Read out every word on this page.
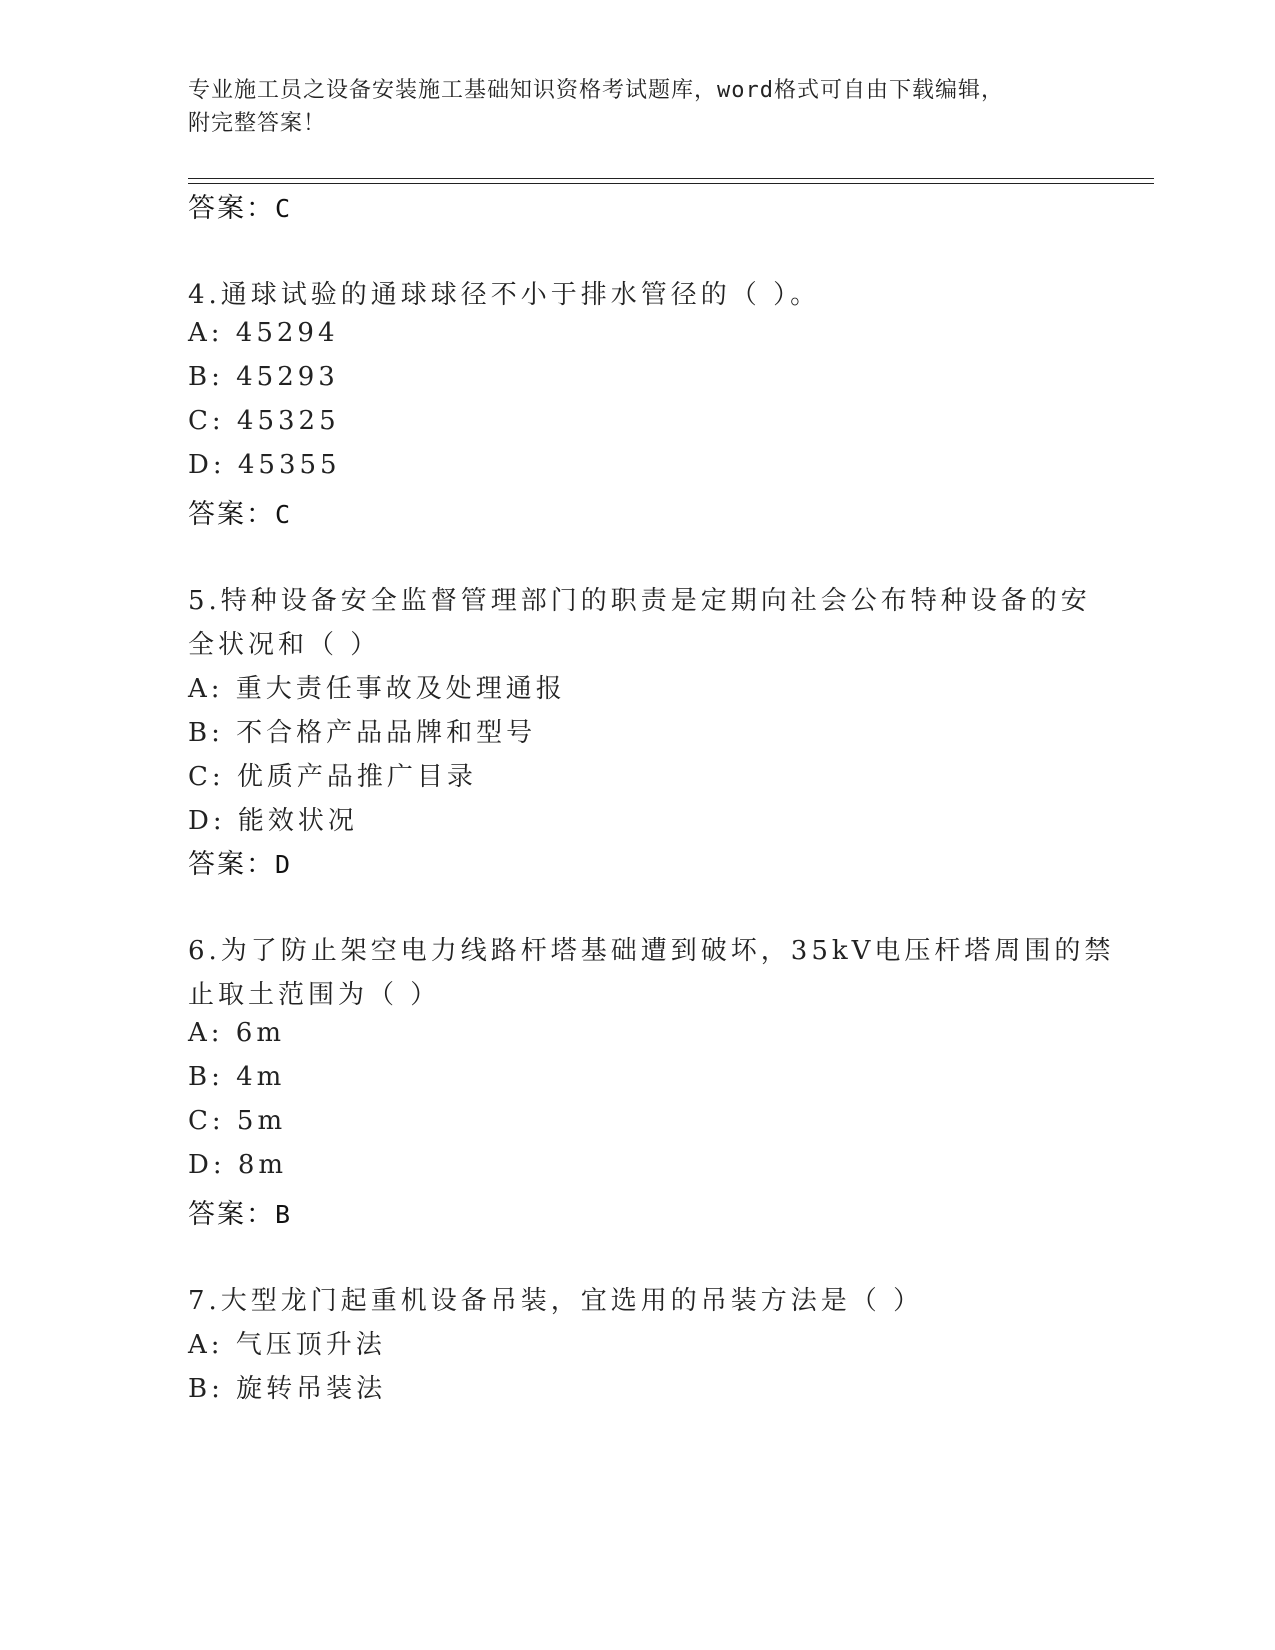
专业施工员之设备安装施工基础知识资格考试题库，word格式可自由下载编辑，
附完整答案！
答案：C
4.通球试验的通球球径不小于排水管径的（ ）。
A: 45294
B: 45293
C: 45325
D: 45355
答案：C
5.特种设备安全监督管理部门的职责是定期向社会公布特种设备的安
全状况和（ ）
A: 重大责任事故及处理通报
B: 不合格产品品牌和型号
C: 优质产品推广目录
D: 能效状况
答案：D
6.为了防止架空电力线路杆塔基础遭到破坏，35kV电压杆塔周围的禁
止取土范围为（ ）
A: 6m
B: 4m
C: 5m
D: 8m
答案：B
7.大型龙门起重机设备吊装，宜选用的吊装方法是（ ）
A: 气压顶升法
B: 旋转吊装法
